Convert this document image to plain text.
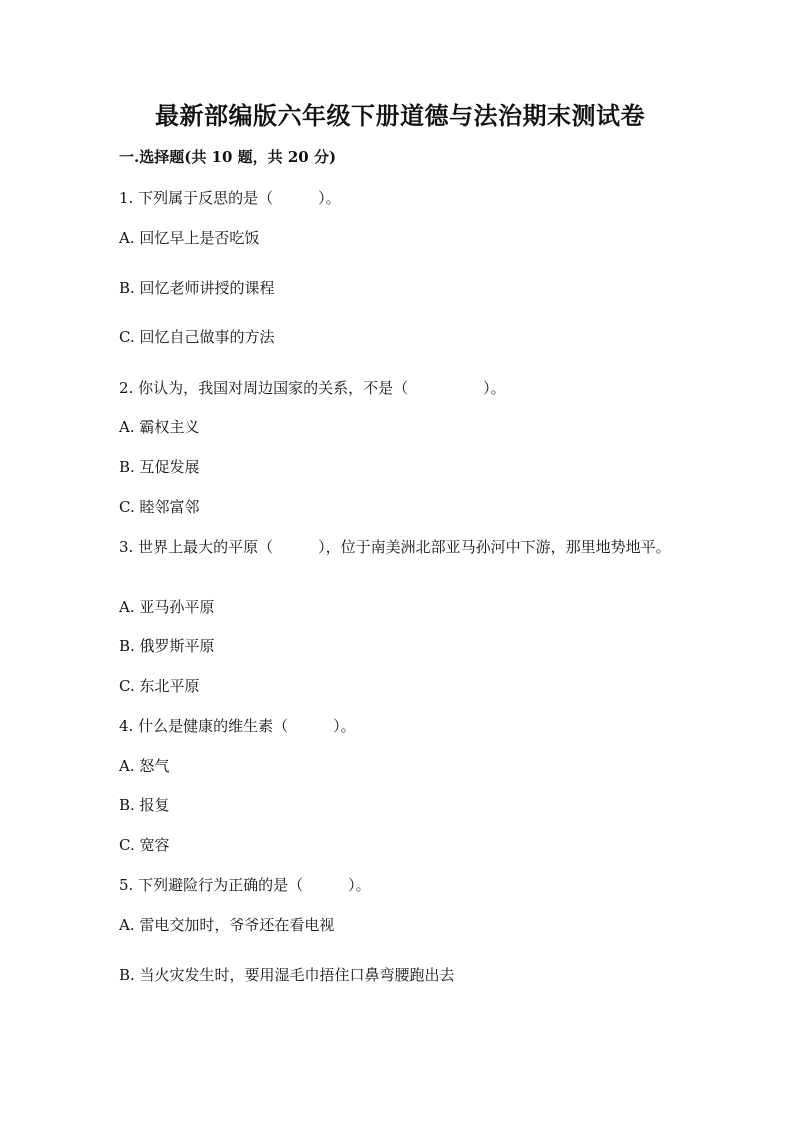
最新部编版六年级下册道德与法治期末测试卷
一.选择题(共 10 题，共 20 分)
1. 下列属于反思的是（　　　）。
A. 回忆早上是否吃饭
B. 回忆老师讲授的课程
C. 回忆自己做事的方法
2. 你认为，我国对周边国家的关系，不是（　　　　　）。
A. 霸权主义
B. 互促发展
C. 睦邻富邻
3. 世界上最大的平原（　　　），位于南美洲北部亚马孙河中下游，那里地势地平。
A. 亚马孙平原
B. 俄罗斯平原
C. 东北平原
4. 什么是健康的维生素（　　　）。
A. 怒气
B. 报复
C. 宽容
5. 下列避险行为正确的是（　　　）。
A. 雷电交加时，爷爷还在看电视
B. 当火灾发生时，要用湿毛巾捂住口鼻弯腰跑出去
